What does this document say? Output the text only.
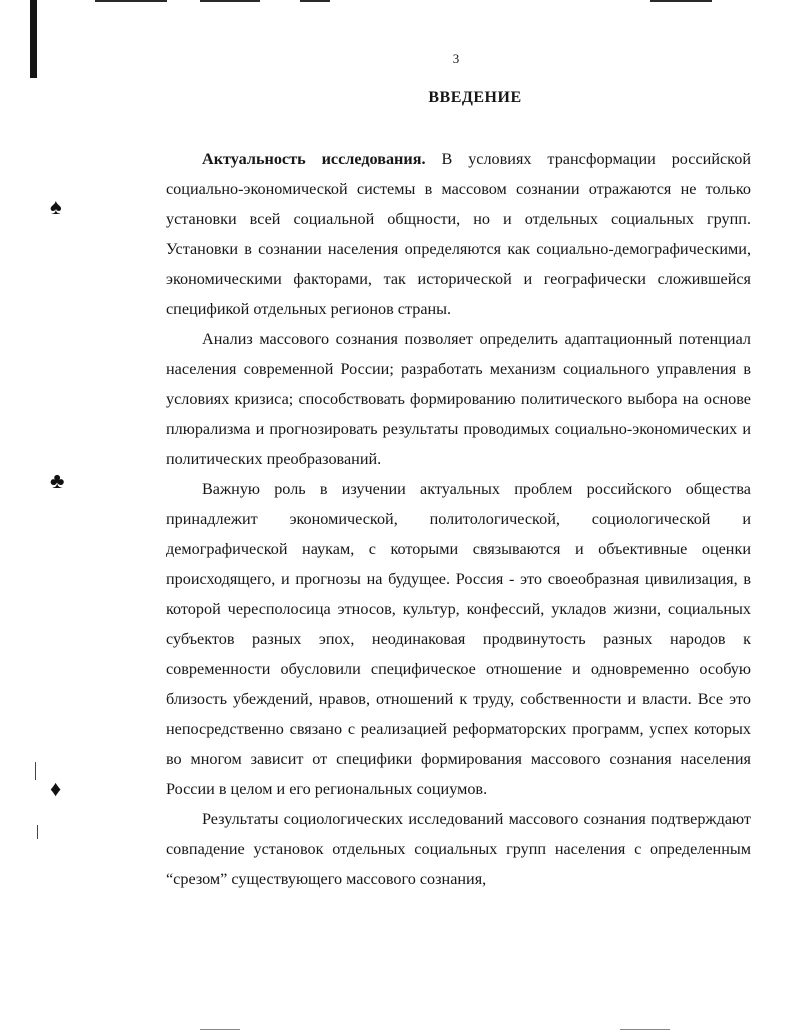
♠
♣
♦
3
ВВЕДЕНИЕ

Актуальность исследования. В условиях трансформации российской социально-экономической системы в массовом сознании отражаются не только установки всей социальной общности, но и отдельных социальных групп. Установки в сознании населения определяются как социально-демографическими, экономическими факторами, так исторической и географически сложившейся спецификой отдельных регионов страны.

Анализ массового сознания позволяет определить адаптационный потенциал населения современной России; разработать механизм социального управления в условиях кризиса; способствовать формированию политического выбора на основе плюрализма и прогнозировать результаты проводимых социально-экономических и политических преобразований.

Важную роль в изучении актуальных проблем российского общества принадлежит экономической, политологической, социологической и демографической наукам, с которыми связываются и объективные оценки происходящего, и прогнозы на будущее. Россия - это своеобразная цивилизация, в которой чересполосица этносов, культур, конфессий, укладов жизни, социальных субъектов разных эпох, неодинаковая продвинутость разных народов к современности обусловили специфическое отношение и одновременно особую близость убеждений, нравов, отношений к труду, собственности и власти. Все это непосредственно связано с реализацией реформаторских программ, успех которых во многом зависит от специфики формирования массового сознания населения России в целом и его региональных социумов.

Результаты социологических исследований массового сознания подтверждают совпадение установок отдельных социальных групп населения с определенным “срезом” существующего массового сознания,
